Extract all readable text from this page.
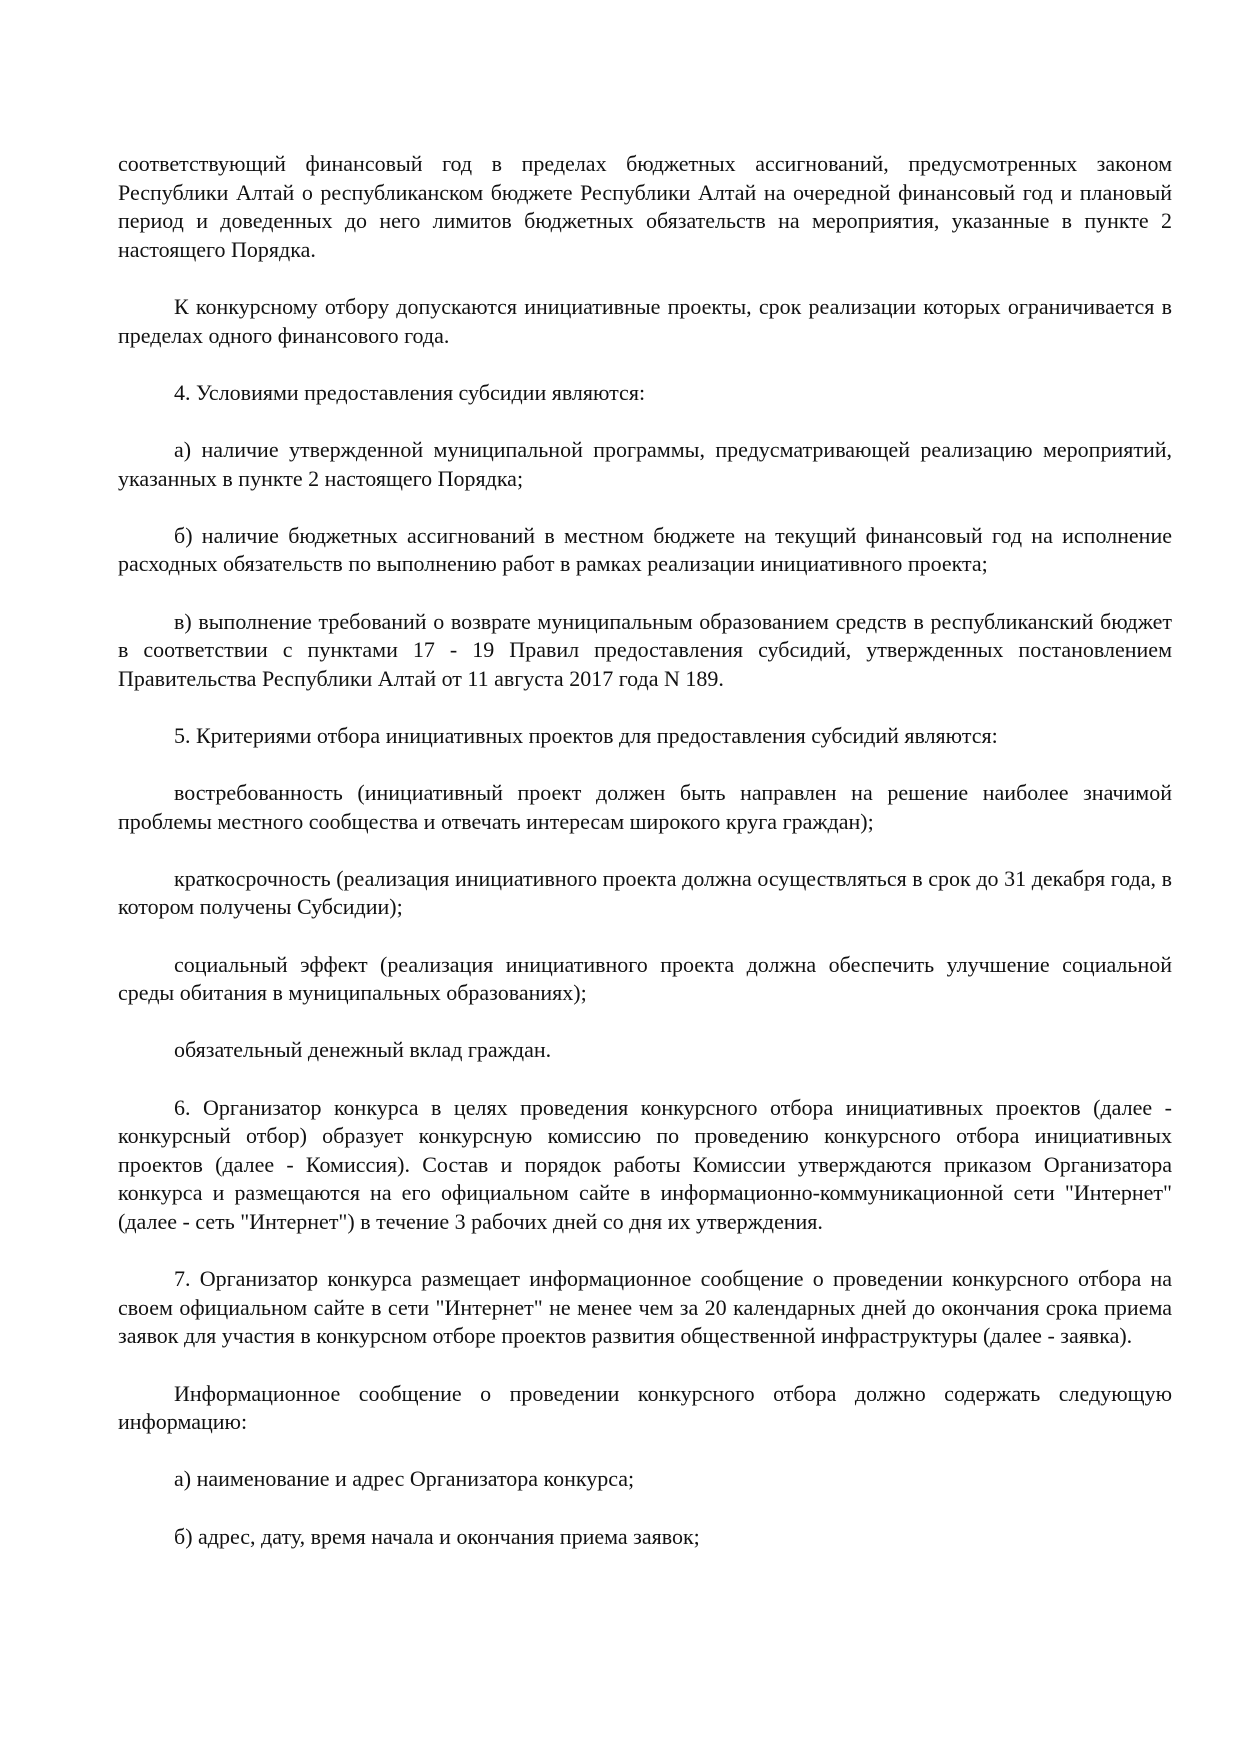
соответствующий финансовый год в пределах бюджетных ассигнований, предусмотренных законом Республики Алтай о республиканском бюджете Республики Алтай на очередной финансовый год и плановый период и доведенных до него лимитов бюджетных обязательств на мероприятия, указанные в пункте 2 настоящего Порядка.

К конкурсному отбору допускаются инициативные проекты, срок реализации которых ограничивается в пределах одного финансового года.

4. Условиями предоставления субсидии являются:

а) наличие утвержденной муниципальной программы, предусматривающей реализацию мероприятий, указанных в пункте 2 настоящего Порядка;

б) наличие бюджетных ассигнований в местном бюджете на текущий финансовый год на исполнение расходных обязательств по выполнению работ в рамках реализации инициативного проекта;

в) выполнение требований о возврате муниципальным образованием средств в республиканский бюджет в соответствии с пунктами 17 - 19 Правил предоставления субсидий, утвержденных постановлением Правительства Республики Алтай от 11 августа 2017 года N 189.

5. Критериями отбора инициативных проектов для предоставления субсидий являются:

востребованность (инициативный проект должен быть направлен на решение наиболее значимой проблемы местного сообщества и отвечать интересам широкого круга граждан);

краткосрочность (реализация инициативного проекта должна осуществляться в срок до 31 декабря года, в котором получены Субсидии);

социальный эффект (реализация инициативного проекта должна обеспечить улучшение социальной среды обитания в муниципальных образованиях);

обязательный денежный вклад граждан.

6. Организатор конкурса в целях проведения конкурсного отбора инициативных проектов (далее - конкурсный отбор) образует конкурсную комиссию по проведению конкурсного отбора инициативных проектов (далее - Комиссия). Состав и порядок работы Комиссии утверждаются приказом Организатора конкурса и размещаются на его официальном сайте в информационно-коммуникационной сети "Интернет" (далее - сеть "Интернет") в течение 3 рабочих дней со дня их утверждения.

7. Организатор конкурса размещает информационное сообщение о проведении конкурсного отбора на своем официальном сайте в сети "Интернет" не менее чем за 20 календарных дней до окончания срока приема заявок для участия в конкурсном отборе проектов развития общественной инфраструктуры (далее - заявка).

Информационное сообщение о проведении конкурсного отбора должно содержать следующую информацию:

а) наименование и адрес Организатора конкурса;

б) адрес, дату, время начала и окончания приема заявок;
